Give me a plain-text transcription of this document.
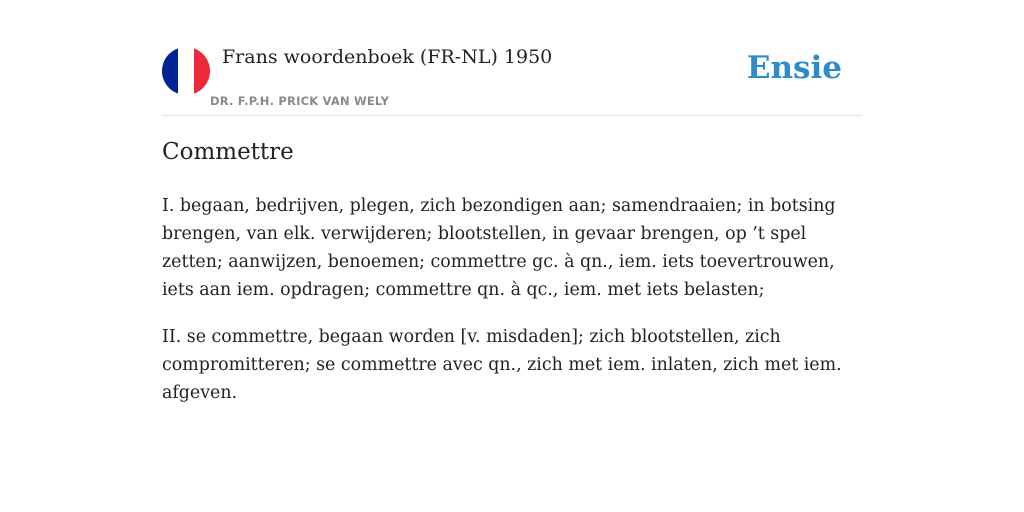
Frans woordenboek (FR-NL) 1950
DR. F.P.H. PRICK VAN WELY
Ensie
Commettre

I. begaan, bedrijven, plegen, zich bezondigen aan; samendraaien; in botsing brengen, van elk. verwijderen; blootstellen, in gevaar brengen, op ’t spel zetten; aanwijzen, benoemen; commettre gc. à qn., iem. iets toevertrouwen, iets aan iem. opdragen; commettre qn. à qc., iem. met iets belasten;

II. se commettre, begaan worden [v. misdaden]; zich blootstellen, zich compromitteren; se commettre avec qn., zich met iem. inlaten, zich met iem. afgeven.
